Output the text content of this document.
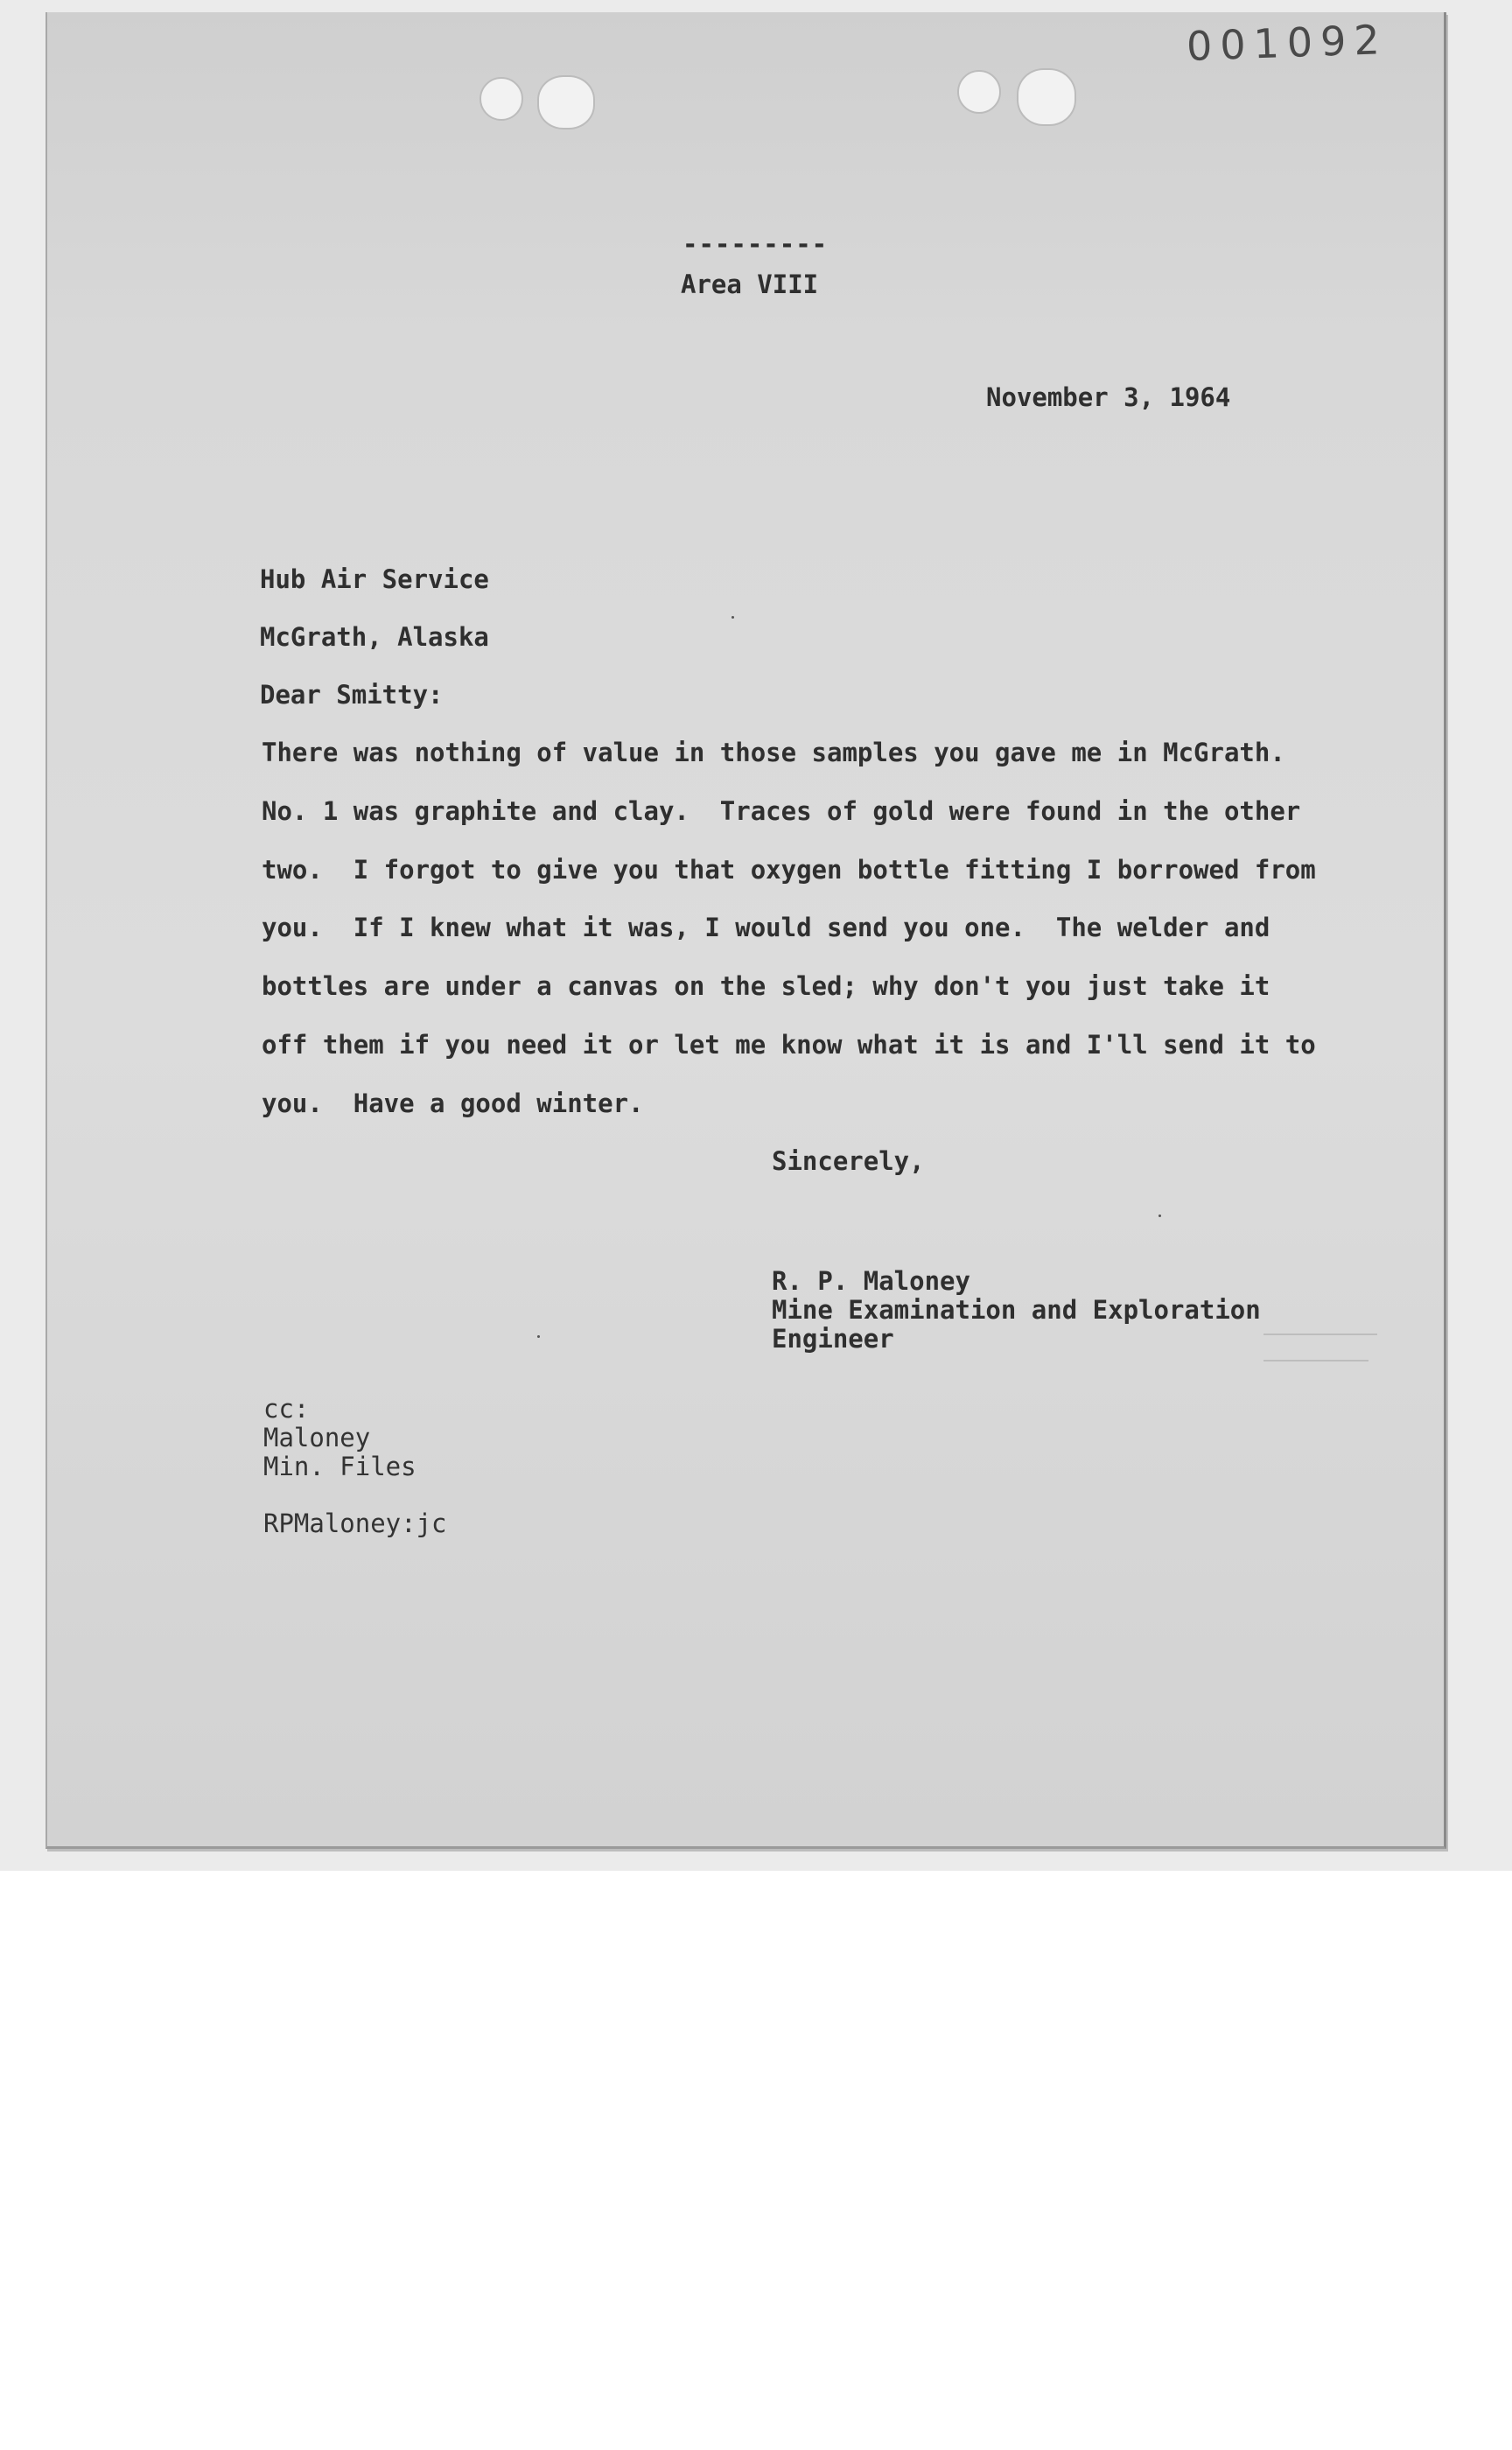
001092
---------
Area VIII
November 3, 1964
Hub Air Service
McGrath, Alaska
Dear Smitty:
There was nothing of value in those samples you gave me in McGrath.
No. 1 was graphite and clay.  Traces of gold were found in the other
two.  I forgot to give you that oxygen bottle fitting I borrowed from
you.  If I knew what it was, I would send you one.  The welder and
bottles are under a canvas on the sled; why don't you just take it
off them if you need it or let me know what it is and I'll send it to
you.  Have a good winter.
Sincerely,
R. P. Maloney
Mine Examination and Exploration
Engineer
cc:
Maloney
Min. Files
RPMaloney:jc
